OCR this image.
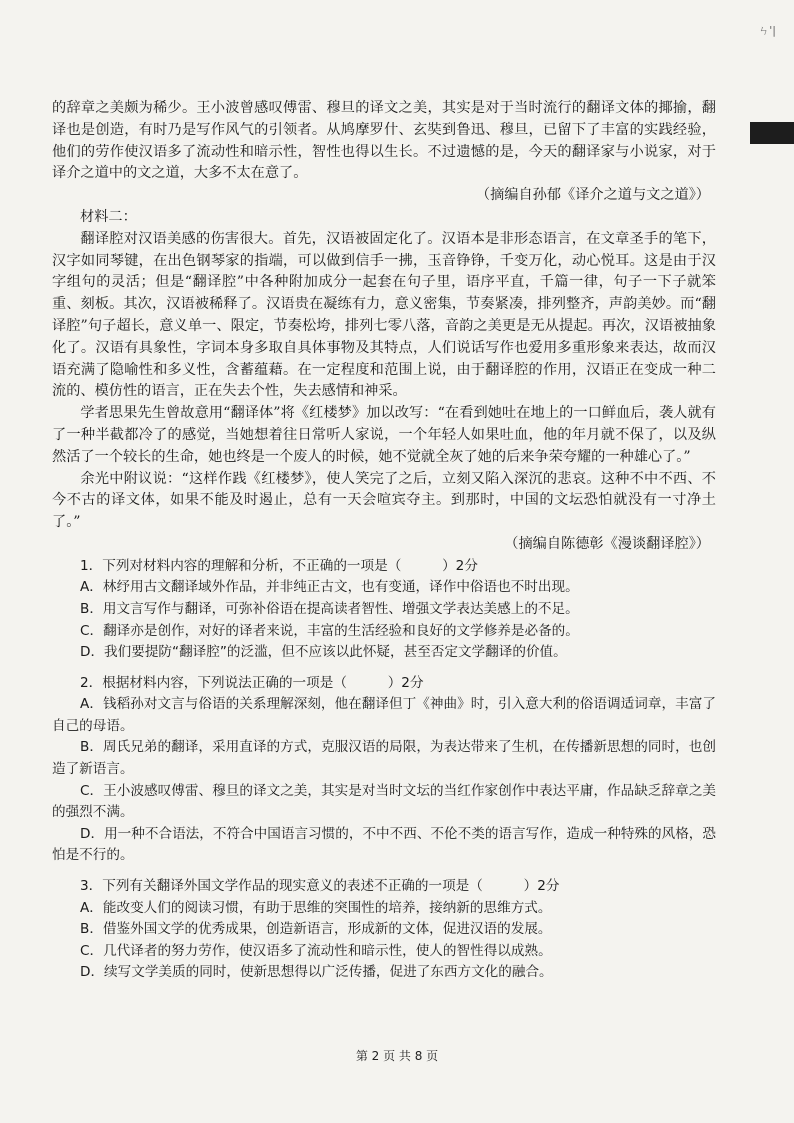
ㄣ'|

的辞章之美颇为稀少。王小波曾感叹傅雷、穆旦的译文之美，其实是对于当时流行的翻译文体的揶揄，翻译也是创造，有时乃是写作风气的引领者。从鸠摩罗什、玄奘到鲁迅、穆旦，已留下了丰富的实践经验，他们的劳作使汉语多了流动性和暗示性，智性也得以生长。不过遗憾的是，今天的翻译家与小说家，对于译介之道中的文之道，大多不太在意了。

（摘编自孙郁《译介之道与文之道》）

材料二：

翻译腔对汉语美感的伤害很大。首先，汉语被固定化了。汉语本是非形态语言，在文章圣手的笔下，汉字如同琴键，在出色钢琴家的指端，可以做到信手一拂，玉音铮铮，千变万化，动心悦耳。这是由于汉字组句的灵活；但是“翻译腔”中各种附加成分一起套在句子里，语序平直，千篇一律，句子一下子就笨重、刻板。其次，汉语被稀释了。汉语贵在凝练有力，意义密集，节奏紧凑，排列整齐，声韵美妙。而“翻译腔”句子超长，意义单一、限定，节奏松垮，排列七零八落，音韵之美更是无从提起。再次，汉语被抽象化了。汉语有具象性，字词本身多取自具体事物及其特点，人们说话写作也爱用多重形象来表达，故而汉语充满了隐喻性和多义性，含蓄蕴藉。在一定程度和范围上说，由于翻译腔的作用，汉语正在变成一种二流的、模仿性的语言，正在失去个性，失去感情和神采。

学者思果先生曾故意用“翻译体”将《红楼梦》加以改写：“在看到她吐在地上的一口鲜血后，袭人就有了一种半截都冷了的感觉，当她想着往日常听人家说，一个年轻人如果吐血，他的年月就不保了，以及纵然活了一个较长的生命，她也终是一个废人的时候，她不觉就全灰了她的后来争荣夸耀的一种雄心了。”

余光中附议说：“这样作践《红楼梦》，使人笑完了之后，立刻又陷入深沉的悲哀。这种不中不西、不今不古的译文体，如果不能及时遏止，总有一天会喧宾夺主。到那时，中国的文坛恐怕就没有一寸净土了。”

（摘编自陈德彰《漫谈翻译腔》）

1．下列对材料内容的理解和分析，不正确的一项是（　　　）2分

A．林纾用古文翻译域外作品，并非纯正古文，也有变通，译作中俗语也不时出现。

B．用文言写作与翻译，可弥补俗语在提高读者智性、增强文学表达美感上的不足。

C．翻译亦是创作，对好的译者来说，丰富的生活经验和良好的文学修养是必备的。

D．我们要提防“翻译腔”的泛滥，但不应该以此怀疑，甚至否定文学翻译的价值。

2．根据材料内容，下列说法正确的一项是（　　　）2分

A．钱稻孙对文言与俗语的关系理解深刻，他在翻译但丁《神曲》时，引入意大利的俗语调适词章，丰富了自己的母语。

B．周氏兄弟的翻译，采用直译的方式，克服汉语的局限，为表达带来了生机，在传播新思想的同时，也创造了新语言。

C．王小波感叹傅雷、穆旦的译文之美，其实是对当时文坛的当红作家创作中表达平庸，作品缺乏辞章之美的强烈不满。

D．用一种不合语法，不符合中国语言习惯的，不中不西、不伦不类的语言写作，造成一种特殊的风格，恐怕是不行的。

3．下列有关翻译外国文学作品的现实意义的表述不正确的一项是（　　　）2分

A．能改变人们的阅读习惯，有助于思维的突围性的培养，接纳新的思维方式。

B．借鉴外国文学的优秀成果，创造新语言，形成新的文体，促进汉语的发展。

C．几代译者的努力劳作，使汉语多了流动性和暗示性，使人的智性得以成熟。

D．续写文学美质的同时，使新思想得以广泛传播，促进了东西方文化的融合。

第 2 页 共 8 页
